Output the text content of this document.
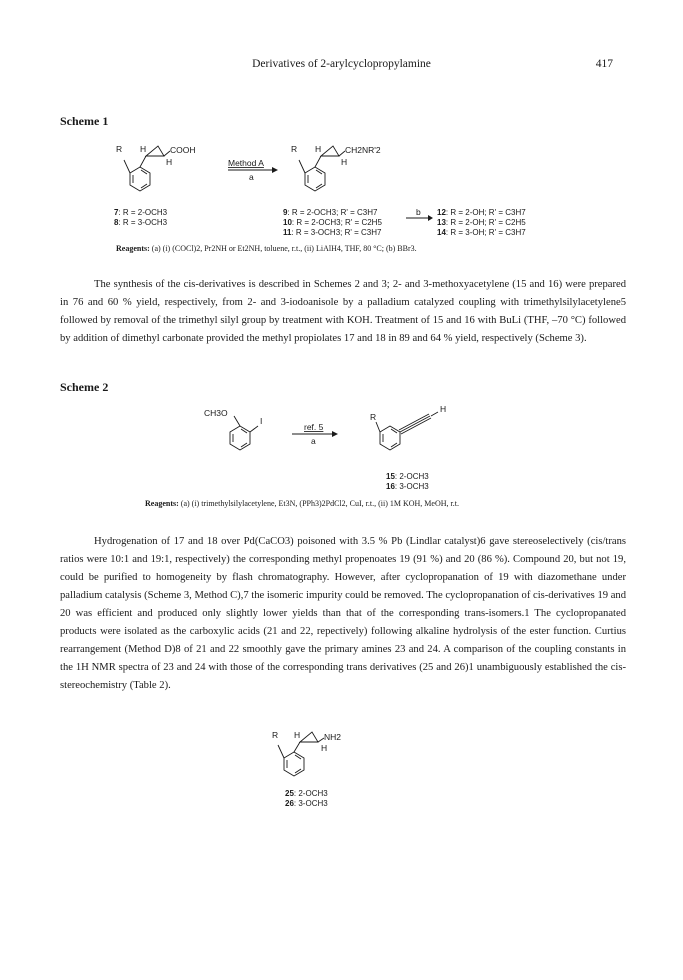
Derivatives of 2-arylcyclopropylamine	417
Scheme 1
R H	COOH
H	Method A
a
R H	CH2NR'2
H
7: R = 2-OCH3
8: R = 3-OCH3
9: R = 2-OCH3; R' = C3H7
10: R = 2-OCH3; R' = C2H5
11: R = 3-OCH3; R' = C3H7
b 12: R = 2-OH; R' = C3H7
13: R = 2-OH; R' = C2H5
14: R = 3-OH; R' = C3H7
Reagents: (a) (i) (COCl)2, Pr2NH or Et2NH, toluene, r.t., (ii) LiAlH4, THF, 80 °C; (b) BBr3.

The synthesis of the cis-derivatives is described in Schemes 2 and 3; 2- and 3-methoxyacetylene (15 and 16) were prepared in 76 and 60 % yield, respectively, from 2- and 3-iodoanisole by a palladium catalyzed coupling with trimethylsilylacetylene5 followed by removal of the trimethyl silyl group by treatment with KOH. Treatment of 15 and 16 with BuLi (THF, –70 °C) followed by addition of dimethyl carbonate provided the methyl propiolates 17 and 18 in 89 and 64 % yield, respectively (Scheme 3).

Scheme 2
CH3O
I
ref. 5
a
R
H
15: 2-OCH3
16: 3-OCH3
Reagents: (a) (i) trimethylsilylacetylene, Et3N, (PPh3)2PdCl2, CuI, r.t., (ii) 1M KOH, MeOH, r.t.

Hydrogenation of 17 and 18 over Pd(CaCO3) poisoned with 3.5 % Pb (Lindlar catalyst)6 gave stereoselectively (cis/trans ratios were 10:1 and 19:1, respectively) the corresponding methyl propenoates 19 (91 %) and 20 (86 %). Compound 20, but not 19, could be purified to homogeneity by flash chromatography. However, after cyclopropanation of 19 with diazomethane under palladium catalysis (Scheme 3, Method C),7 the isomeric impurity could be removed. The cyclopropanation of cis-derivatives 19 and 20 was efficient and produced only slightly lower yields than that of the corresponding trans-isomers.1 The cyclopropanated products were isolated as the carboxylic acids (21 and 22, repectively) following alkaline hydrolysis of the ester function. Curtius rearrangement (Method D)8 of 21 and 22 smoothly gave the primary amines 23 and 24. A comparison of the coupling constants in the 1H NMR spectra of 23 and 24 with those of the corresponding trans derivatives (25 and 26)1 unambiguously established the cis-stereochemistry (Table 2).

R H	NH2
H
25: 2-OCH3
26: 3-OCH3
